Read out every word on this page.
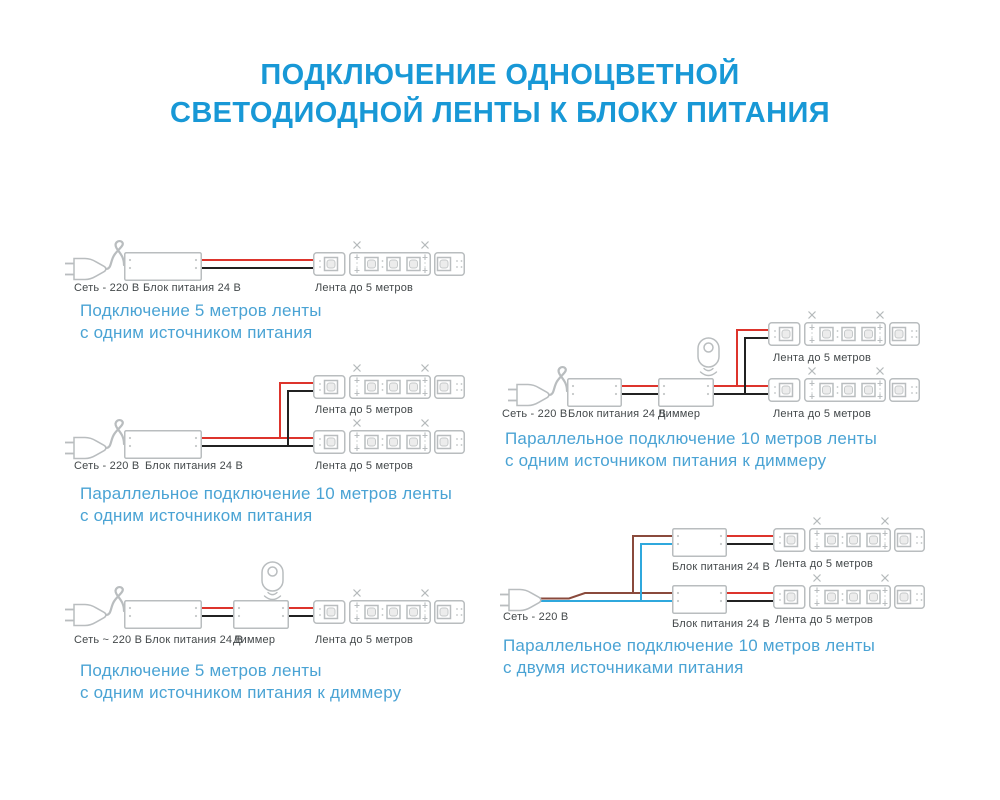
ПОДКЛЮЧЕНИЕ ОДНОЦВЕТНОЙ
СВЕТОДИОДНОЙ ЛЕНТЫ К БЛОКУ ПИТАНИЯ
Сеть - 220 В Блок питания 24 В	Лента до 5 метров
Подключение 5 метров ленты
с одним источником питания
Лента до 5 метров
Сеть - 220 В Блок питания 24 В	Лента до 5 метров
Параллельное подключение 10 метров ленты
с одним источником питания
Сеть ~ 220 В Блок питания 24 В
Диммер	Лента до 5 метров
Подключение 5 метров ленты
с одним источником питания к диммеру
Лента до 5 метров
Сеть - 220 В Блок питания 24 В
Диммер	Лента до 5 метров
Параллельное подключение 10 метров ленты
с одним источником питания к диммеру
Блок питания 24 В Лента до 5 метров
Сеть - 220 В	Лента до 5 метров
Блок питания 24 В
Параллельное подключение 10 метров ленты
с двумя источниками питания
